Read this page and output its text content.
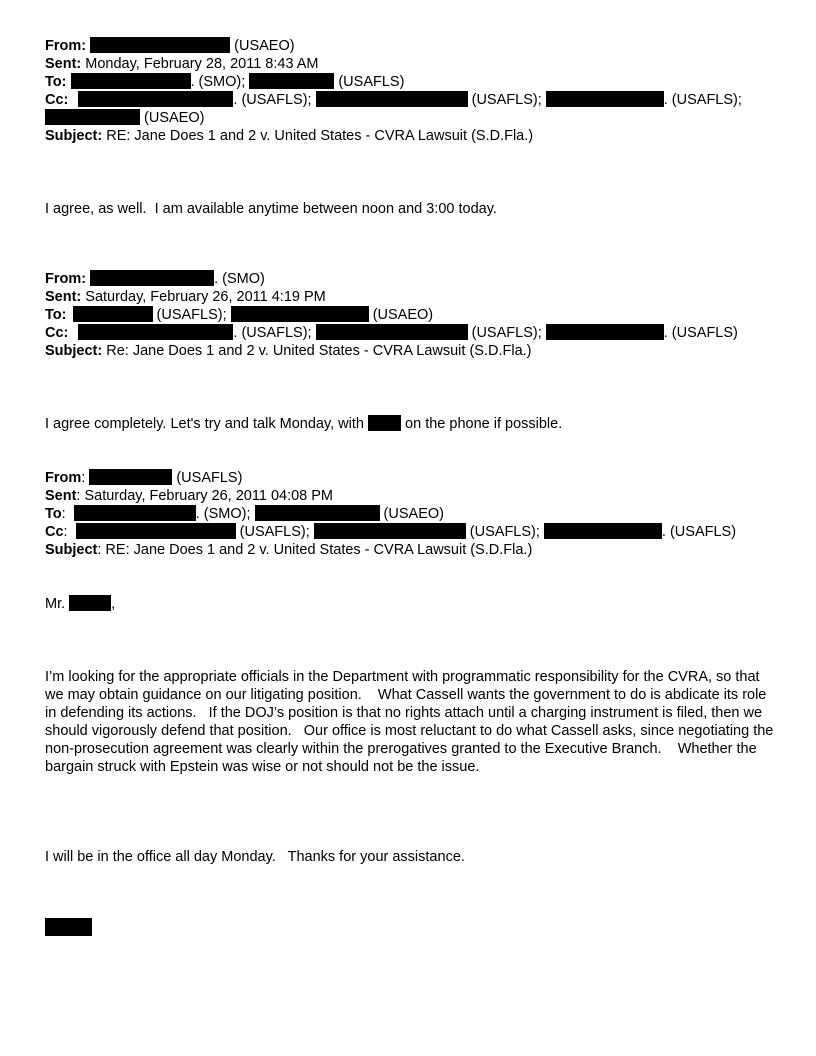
From:	(USAEO)
Sent: Monday, February 28, 2011 8:43 AM
To:	. (SMO);	(USAFLS)
Cc:	. (USAFLS);	(USAFLS);	. (USAFLS);
(USAEO)
Subject: RE: Jane Does 1 and 2 v. United States - CVRA Lawsuit (S.D.Fla.)
I agree, as well.  I am available anytime between noon and 3:00 today.
From:	. (SMO)
Sent: Saturday, February 26, 2011 4:19 PM
To:	(USAFLS);	(USAEO)
Cc:	. (USAFLS);	(USAFLS);	. (USAFLS)
Subject: Re: Jane Does 1 and 2 v. United States - CVRA Lawsuit (S.D.Fla.)
I agree completely. Let's try and talk Monday, with	on the phone if possible.
From:	(USAFLS)
Sent: Saturday, February 26, 2011 04:08 PM
To:	. (SMO);	(USAEO)
Cc:	(USAFLS);	(USAFLS);	. (USAFLS)
Subject: RE: Jane Does 1 and 2 v. United States - CVRA Lawsuit (S.D.Fla.)
Mr.	,
I’m looking for the appropriate officials in the Department with programmatic responsibility for the CVRA, so that we may obtain guidance on our litigating position.    What Cassell wants the government to do is abdicate its role in defending its actions.   If the DOJ’s position is that no rights attach until a charging instrument is filed, then we should vigorously defend that position.   Our office is most reluctant to do what Cassell asks, since negotiating the non-prosecution agreement was clearly within the prerogatives granted to the Executive Branch.    Whether the bargain struck with Epstein was wise or not should not be the issue.
I will be in the office all day Monday.   Thanks for your assistance.
